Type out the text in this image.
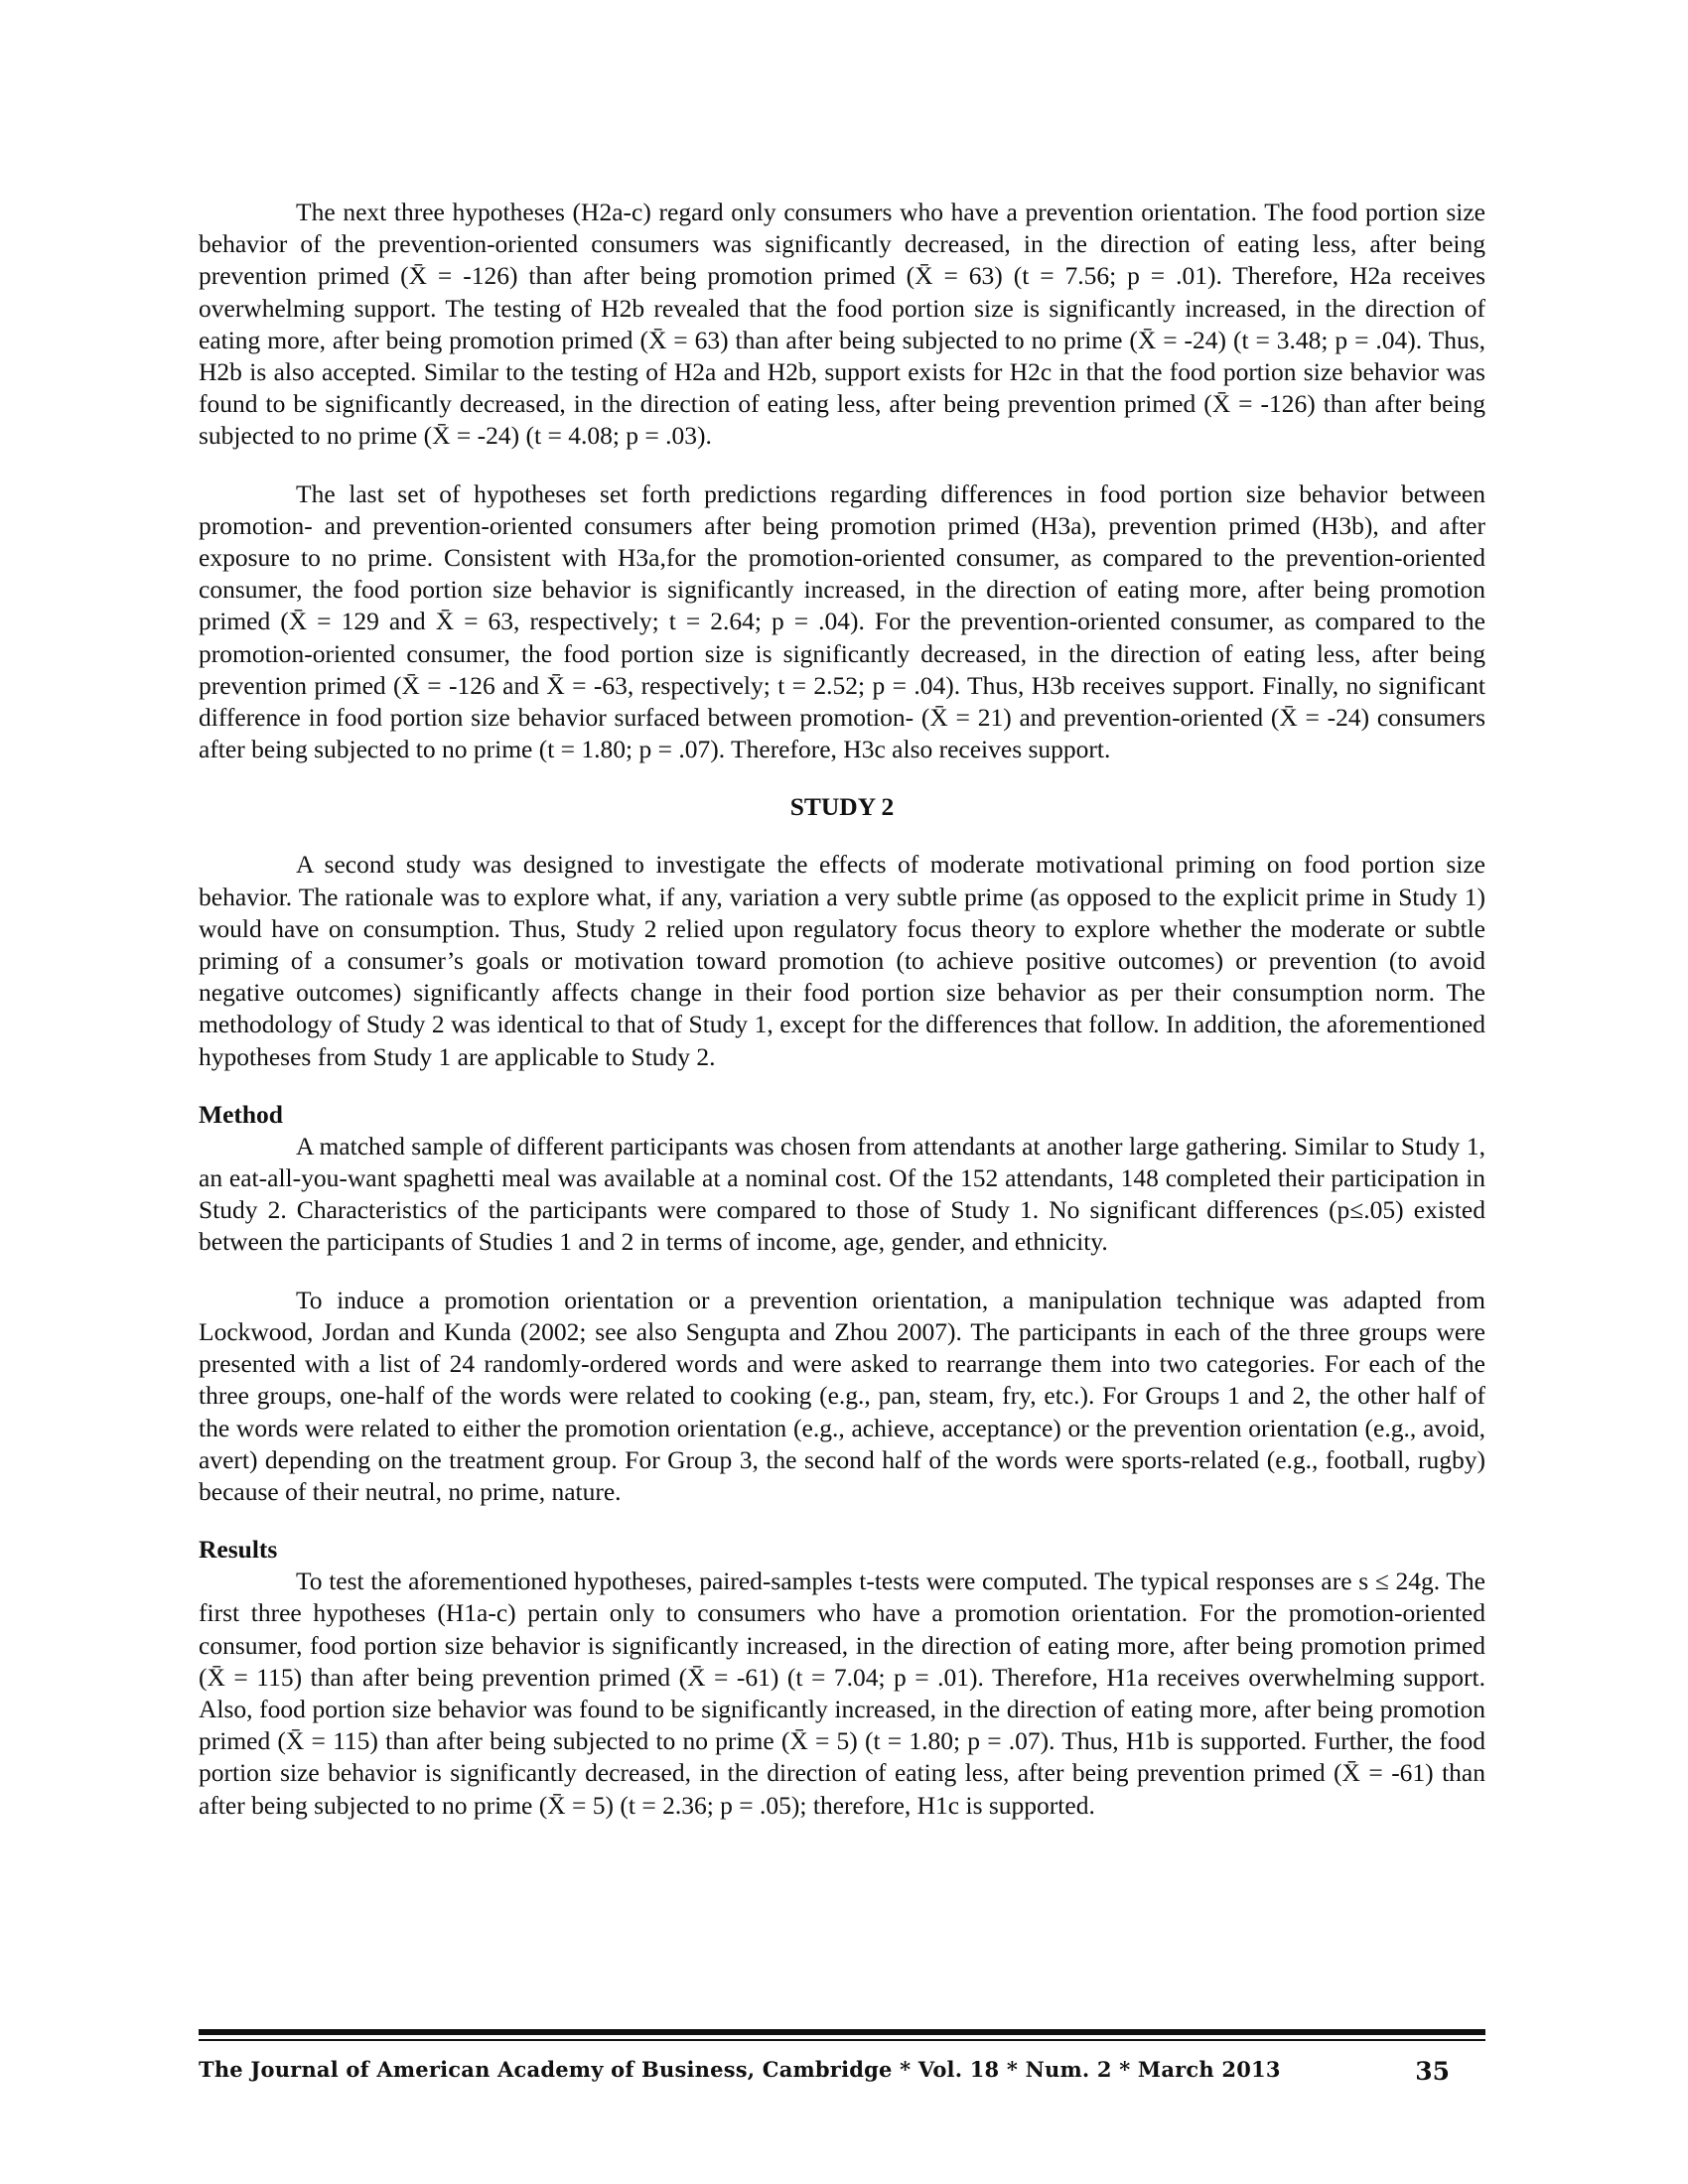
The next three hypotheses (H2a-c) regard only consumers who have a prevention orientation. The food portion size behavior of the prevention-oriented consumers was significantly decreased, in the direction of eating less, after being prevention primed (X̄ = -126) than after being promotion primed (X̄ = 63) (t = 7.56; p = .01). Therefore, H2a receives overwhelming support. The testing of H2b revealed that the food portion size is significantly increased, in the direction of eating more, after being promotion primed (X̄ = 63) than after being subjected to no prime (X̄ = -24) (t = 3.48; p = .04). Thus, H2b is also accepted. Similar to the testing of H2a and H2b, support exists for H2c in that the food portion size behavior was found to be significantly decreased, in the direction of eating less, after being prevention primed (X̄ = -126) than after being subjected to no prime (X̄ = -24) (t = 4.08; p = .03).

The last set of hypotheses set forth predictions regarding differences in food portion size behavior between promotion- and prevention-oriented consumers after being promotion primed (H3a), prevention primed (H3b), and after exposure to no prime. Consistent with H3a,for the promotion-oriented consumer, as compared to the prevention-oriented consumer, the food portion size behavior is significantly increased, in the direction of eating more, after being promotion primed (X̄ = 129 and X̄ = 63, respectively; t = 2.64; p = .04). For the prevention-oriented consumer, as compared to the promotion-oriented consumer, the food portion size is significantly decreased, in the direction of eating less, after being prevention primed (X̄ = -126 and X̄ = -63, respectively; t = 2.52; p = .04). Thus, H3b receives support. Finally, no significant difference in food portion size behavior surfaced between promotion- (X̄ = 21) and prevention-oriented (X̄ = -24) consumers after being subjected to no prime (t = 1.80; p = .07). Therefore, H3c also receives support.

STUDY 2

A second study was designed to investigate the effects of moderate motivational priming on food portion size behavior. The rationale was to explore what, if any, variation a very subtle prime (as opposed to the explicit prime in Study 1) would have on consumption. Thus, Study 2 relied upon regulatory focus theory to explore whether the moderate or subtle priming of a consumer’s goals or motivation toward promotion (to achieve positive outcomes) or prevention (to avoid negative outcomes) significantly affects change in their food portion size behavior as per their consumption norm. The methodology of Study 2 was identical to that of Study 1, except for the differences that follow. In addition, the aforementioned hypotheses from Study 1 are applicable to Study 2.

Method

A matched sample of different participants was chosen from attendants at another large gathering. Similar to Study 1, an eat-all-you-want spaghetti meal was available at a nominal cost. Of the 152 attendants, 148 completed their participation in Study 2. Characteristics of the participants were compared to those of Study 1. No significant differences (p≤.05) existed between the participants of Studies 1 and 2 in terms of income, age, gender, and ethnicity.

To induce a promotion orientation or a prevention orientation, a manipulation technique was adapted from Lockwood, Jordan and Kunda (2002; see also Sengupta and Zhou 2007). The participants in each of the three groups were presented with a list of 24 randomly-ordered words and were asked to rearrange them into two categories. For each of the three groups, one-half of the words were related to cooking (e.g., pan, steam, fry, etc.). For Groups 1 and 2, the other half of the words were related to either the promotion orientation (e.g., achieve, acceptance) or the prevention orientation (e.g., avoid, avert) depending on the treatment group. For Group 3, the second half of the words were sports-related (e.g., football, rugby) because of their neutral, no prime, nature.

Results

To test the aforementioned hypotheses, paired-samples t-tests were computed. The typical responses are s ≤ 24g. The first three hypotheses (H1a-c) pertain only to consumers who have a promotion orientation. For the promotion-oriented consumer, food portion size behavior is significantly increased, in the direction of eating more, after being promotion primed (X̄ = 115) than after being prevention primed (X̄ = -61) (t = 7.04; p = .01). Therefore, H1a receives overwhelming support. Also, food portion size behavior was found to be significantly increased, in the direction of eating more, after being promotion primed (X̄ = 115) than after being subjected to no prime (X̄ = 5) (t = 1.80; p = .07). Thus, H1b is supported. Further, the food portion size behavior is significantly decreased, in the direction of eating less, after being prevention primed (X̄ = -61) than after being subjected to no prime (X̄ = 5) (t = 2.36; p = .05); therefore, H1c is supported.

The Journal of American Academy of Business, Cambridge * Vol. 18 * Num. 2 * March 2013	35
